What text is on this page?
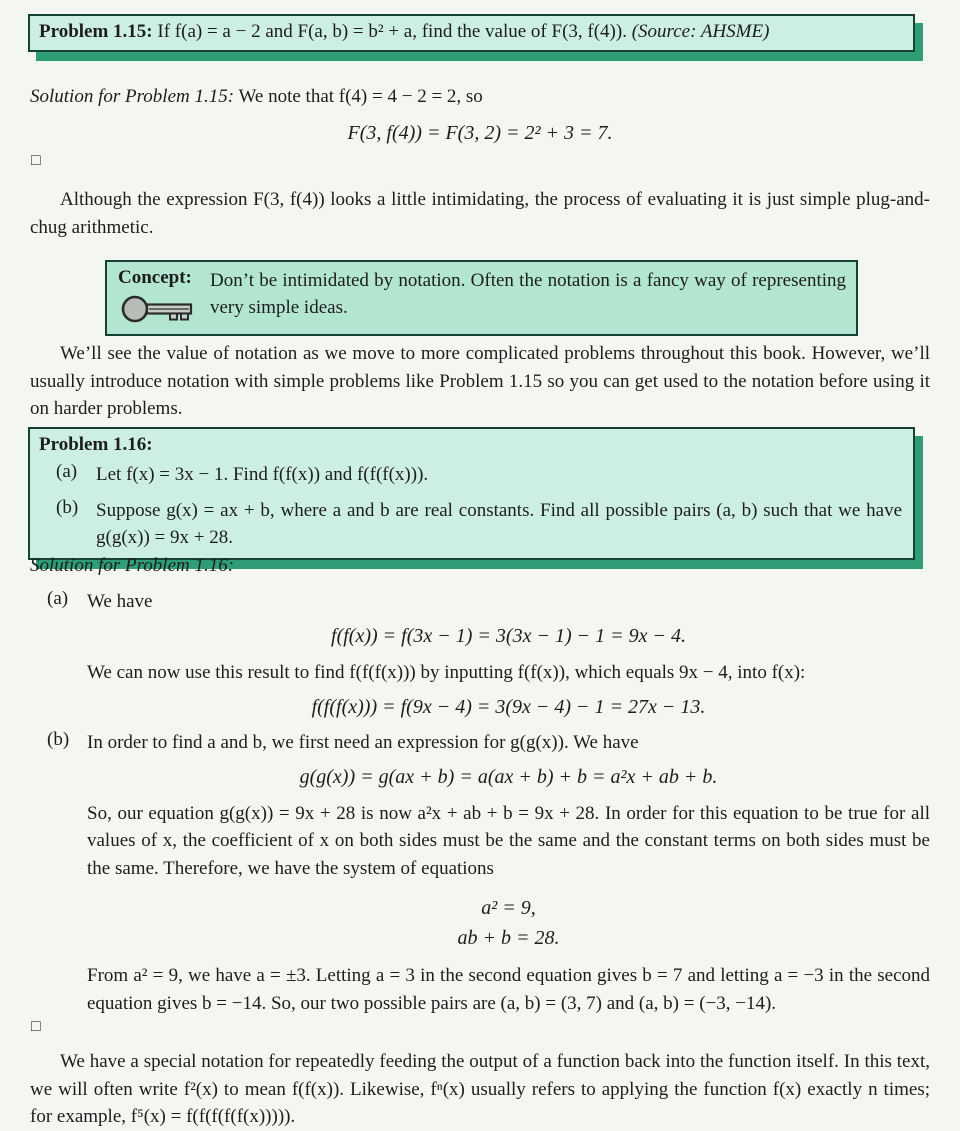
Problem 1.15: If f(a) = a − 2 and F(a, b) = b² + a, find the value of F(3, f(4)). (Source: AHSME)
Solution for Problem 1.15: We note that f(4) = 4 − 2 = 2, so
F(3, f(4)) = F(3, 2) = 2² + 3 = 7.
□
Although the expression F(3, f(4)) looks a little intimidating, the process of evaluating it is just simple plug-and-chug arithmetic.
Concept: Don’t be intimidated by notation. Often the notation is a fancy way of representing very simple ideas.
We’ll see the value of notation as we move to more complicated problems throughout this book. However, we’ll usually introduce notation with simple problems like Problem 1.15 so you can get used to the notation before using it on harder problems.
Problem 1.16:
(a) Let f(x) = 3x − 1. Find f(f(x)) and f(f(f(x))).
(b) Suppose g(x) = ax + b, where a and b are real constants. Find all possible pairs (a, b) such that we have g(g(x)) = 9x + 28.
Solution for Problem 1.16:
(a) We have
f(f(x)) = f(3x − 1) = 3(3x − 1) − 1 = 9x − 4.
We can now use this result to find f(f(f(x))) by inputting f(f(x)), which equals 9x − 4, into f(x):
f(f(f(x))) = f(9x − 4) = 3(9x − 4) − 1 = 27x − 13.
(b) In order to find a and b, we first need an expression for g(g(x)). We have
g(g(x)) = g(ax + b) = a(ax + b) + b = a²x + ab + b.
So, our equation g(g(x)) = 9x + 28 is now a²x + ab + b = 9x + 28. In order for this equation to be true for all values of x, the coefficient of x on both sides must be the same and the constant terms on both sides must be the same. Therefore, we have the system of equations
a² = 9,
ab + b = 28.
From a² = 9, we have a = ±3. Letting a = 3 in the second equation gives b = 7 and letting a = −3 in the second equation gives b = −14. So, our two possible pairs are (a, b) = (3, 7) and (a, b) = (−3, −14).
□
We have a special notation for repeatedly feeding the output of a function back into the function itself. In this text, we will often write f²(x) to mean f(f(x)). Likewise, fⁿ(x) usually refers to applying the function f(x) exactly n times; for example, f⁵(x) = f(f(f(f(f(x))))).
